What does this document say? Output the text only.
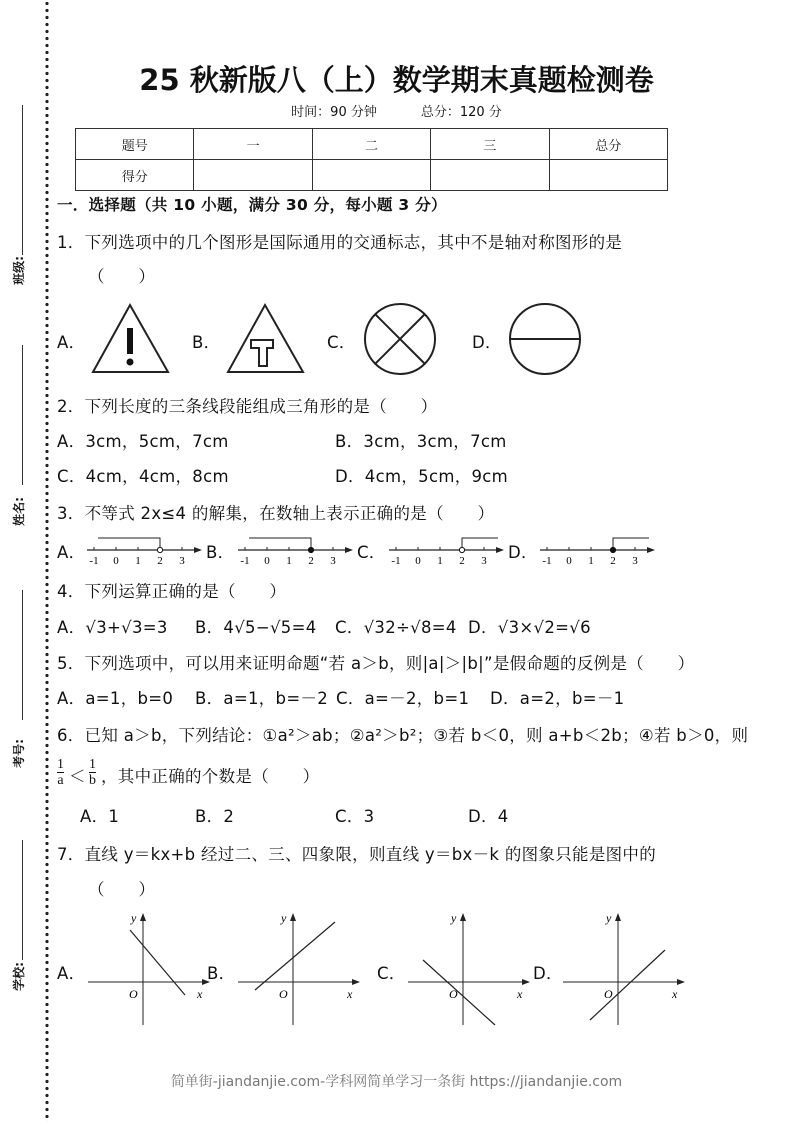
班级:
姓名:
考号:
学校:
25 秋新版八（上）数学期末真题检测卷
时间：90 分钟	总分：120 分
题号	一	二	三	总分
得分				
一．选择题（共 10 小题，满分 30 分，每小题 3 分）
1．下列选项中的几个图形是国际通用的交通标志，其中不是轴对称图形的是
（　　）
A．	B．	C．	D．
2．下列长度的三条线段能组成三角形的是（　　）
A．3cm，5cm，7cm	B．3cm，3cm，7cm
C．4cm，4cm，8cm	D．4cm，5cm，9cm
3．不等式 2x≤4 的解集，在数轴上表示正确的是（　　）
A．	B．	C．	D．
-1 0 1 2 3	-1 0 1 2 3	-1 0 1 2 3	-1 0 1 2 3
4．下列运算正确的是（　　）
A．√3+√3=3 B．4√5−√5=4 C．√32÷√8=4 D．√3×√2=√6
5．下列选项中，可以用来证明命题“若 a＞b，则|a|＞|b|”是假命题的反例是（　　）
A．a=1，b=0 B．a=1，b=－2 C．a=－2，b=1 D．a=2，b=－1
6．已知 a＞b，下列结论：①a²＞ab；②a²＞b²；③若 b＜0，则 a+b＜2b；④若 b＞0，则
$\frac{1}{a} < \frac{1}{b}$ ，其中正确的个数是（　　）
A．1	B．2	C．3	D．4
7．直线 y＝kx+b 经过二、三、四象限，则直线 y＝bx－k 的图象只能是图中的
（　　）
A．	B．	C．	D．
x
y
O	x
y
O	x
y
O	x
y
O
简单街-jiandanjie.com-学科网简单学习一条街 https://jiandanjie.com
